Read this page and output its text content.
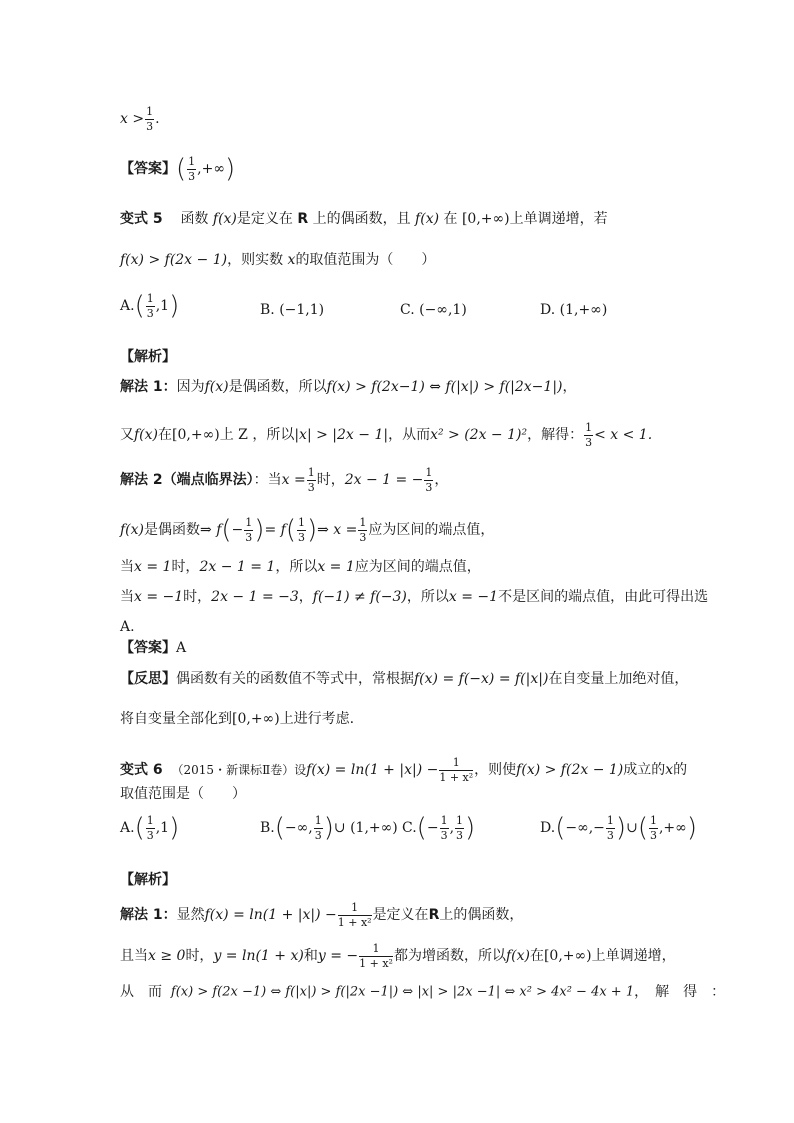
$x > \frac{1}{3}$ .
【答案】( $\frac{1}{3}$ ,+∞)
变式 5 函数 f(x)是定义在 R 上的偶函数，且 f(x) 在 [0,+∞)上单调递增，若
f(x) > f(2x − 1)，则实数 x的取值范围为（　　）
$A.( \frac{1}{3} ,1)$	B. (−1,1)	C. (−∞,1)	D. (1,+∞)
【解析】
解法 1：因为f(x)是偶函数，所以f(x) > f(2x−1) ⇔ f(|x|) > f(|2x−1|)，
又f(x)在[0,+∞)上 Z ，所以|x| > |2x − 1|，从而x² > (2x − 1)²，解得： $\frac{1}{3} < x < 1$.
解法 2（端点临界法）：当$x = \frac{1}{3}$ 时，2x − 1 = − $\frac{1}{3}$ ，
f(x)是偶函数⇒ $f(- \frac{1}{3}$ )= $f( \frac{1}{3}$ )⇒ $x = \frac{1}{3}$ 应为区间的端点值，
当x = 1时，2x − 1 = 1，所以x = 1应为区间的端点值，
当x = −1时，2x − 1 = −3，f(−1) ≠ f(−3)，所以x = −1不是区间的端点值，由此可得出选
A.
【答案】A
【反思】偶函数有关的函数值不等式中，常根据f(x) = f(−x) = f(|x|)在自变量上加绝对值，
将自变量全部化到[0,+∞)上进行考虑.
变式 6 （2015・新课标Ⅱ卷）设$f(x) = \ln(1 + |x|) - \frac{1}{\text{1 + x²}}$ ，则使f(x) > f(2x − 1)成立的x的
取值范围是（　　）
$A.( \frac{1}{3} ,1)$	B.(−∞, $\frac{1}{3}$ )∪ (1,+∞) $C.(- \frac{1}{3}$ , $\frac{1}{3}$ )	$D.(-\infty,- \frac{1}{3}$ )∪( $\frac{1}{3}$ ,+∞)
【解析】
解法 1：显然$f(x) = \ln(1 + |x|) - \frac{1}{\text{1 + x²}}$ 是定义在R上的偶函数，
且当x ≥ 0时，y = ln(1 + x)和y = − $\frac{1}{\text{1 + x²}}$ 都为增函数，所以f(x)在[0,+∞)上单调递增，
从　而 f(x) > f(2x −1) ⇔ f(|x|) > f(|2x −1|) ⇔ |x| > |2x −1| ⇔ x² > 4x² − 4x + 1，　解　得　：
